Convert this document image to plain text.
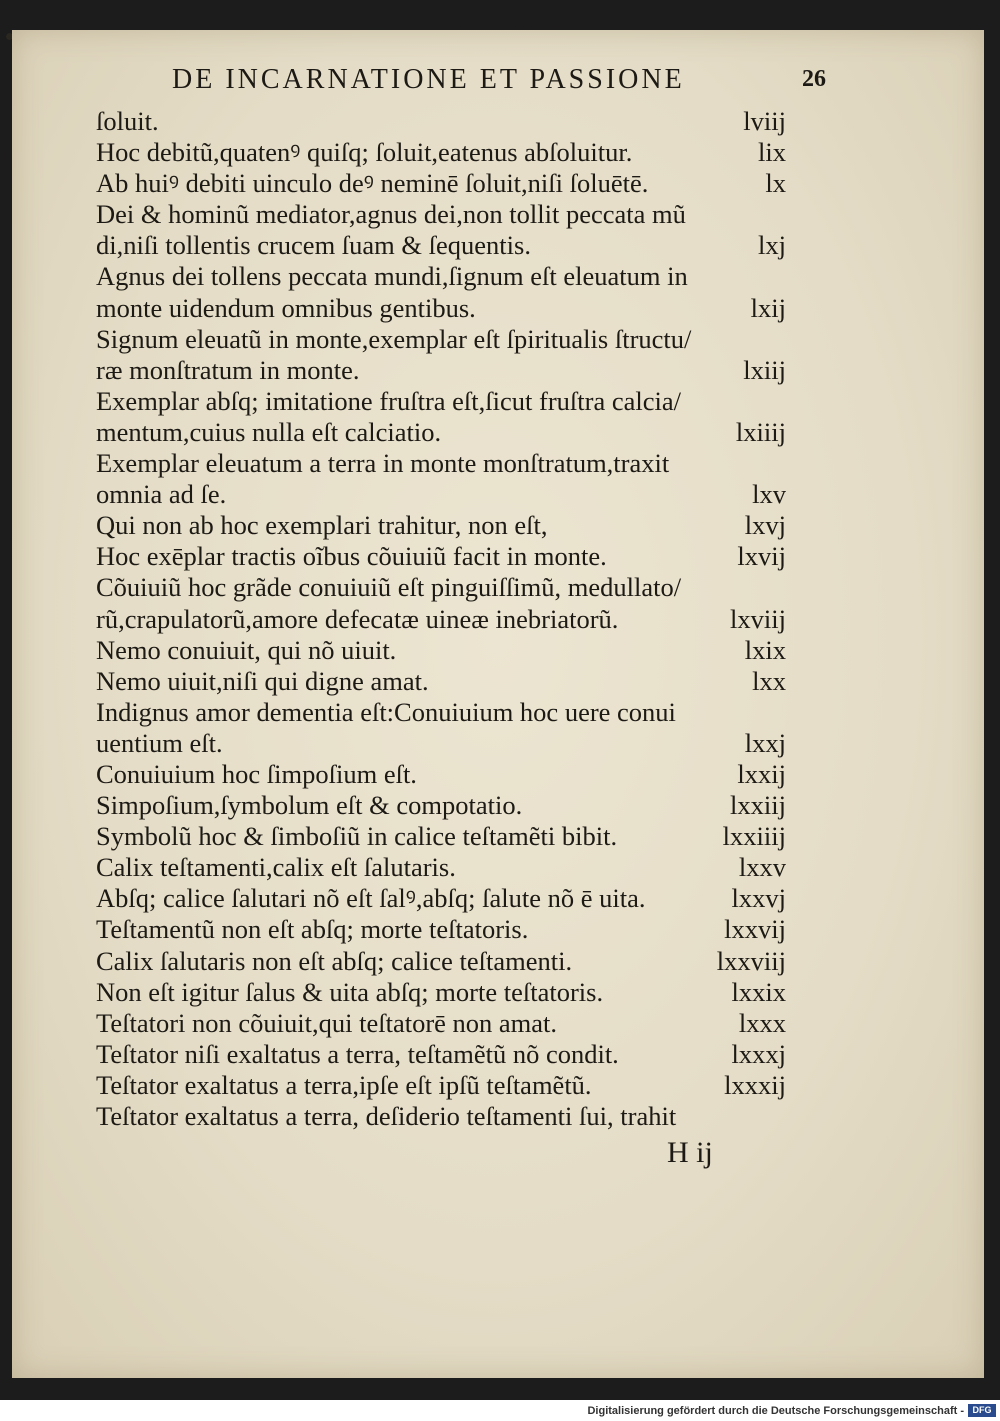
DE INCARNATIONE ET PASSIONE	26
ſoluit.	lviij
Hoc debitũ,quatenꝰ quiſq; ſoluit,eatenus abſoluitur.	lix
Ab huiꝰ debiti uinculo deꝰ neminē ſoluit,niſi ſoluētē.	lx
Dei & hominũ mediator,agnus dei,non tollit peccata mũ
di,niſi tollentis crucem ſuam & ſequentis.	lxj
Agnus dei tollens peccata mundi,ſignum eſt eleuatum in
monte uidendum omnibus gentibus.	lxij
Signum eleuatũ in monte,exemplar eſt ſpiritualis ſtructu/
ræ monſtratum in monte.	lxiij
Exemplar abſq; imitatione fruſtra eſt,ſicut fruſtra calcia/
mentum,cuius nulla eſt calciatio.	lxiiij
Exemplar eleuatum a terra in monte monſtratum,traxit
omnia ad ſe.	lxv
Qui non ab hoc exemplari trahitur, non eſt,	lxvj
Hoc exēplar tractis oĩbus cõuiuiũ facit in monte.	lxvij
Cõuiuiũ hoc grãde conuiuiũ eſt pinguiſſimũ, medullato/
rũ,crapulatorũ,amore defecatæ uineæ inebriatorũ.	lxviij
Nemo conuiuit, qui nõ uiuit.	lxix
Nemo uiuit,niſi qui digne amat.	lxx
Indignus amor dementia eſt:Conuiuium hoc uere conui
uentium eſt.	lxxj
Conuiuium hoc ſimpoſium eſt.	lxxij
Simpoſium,ſymbolum eſt & compotatio.	lxxiij
Symbolũ hoc & ſimboſiũ in calice teſtamẽti bibit.	lxxiiij
Calix teſtamenti,calix eſt ſalutaris.	lxxv
Abſq; calice ſalutari nõ eſt ſalꝰ,abſq; ſalute nõ ē uita.	lxxvj
Teſtamentũ non eſt abſq; morte teſtatoris.	lxxvij
Calix ſalutaris non eſt abſq; calice teſtamenti.	lxxviij
Non eſt igitur ſalus & uita abſq; morte teſtatoris.	lxxix
Teſtatori non cõuiuit,qui teſtatorē non amat.	lxxx
Teſtator niſi exaltatus a terra, teſtamẽtũ nõ condit.	lxxxj
Teſtator exaltatus a terra,ipſe eſt ipſũ teſtamẽtũ.	lxxxij
Teſtator exaltatus a terra, deſiderio teſtamenti ſui, trahit
H ij
Digitalisierung gefördert durch die Deutsche Forschungsgemeinschaft - DFG
